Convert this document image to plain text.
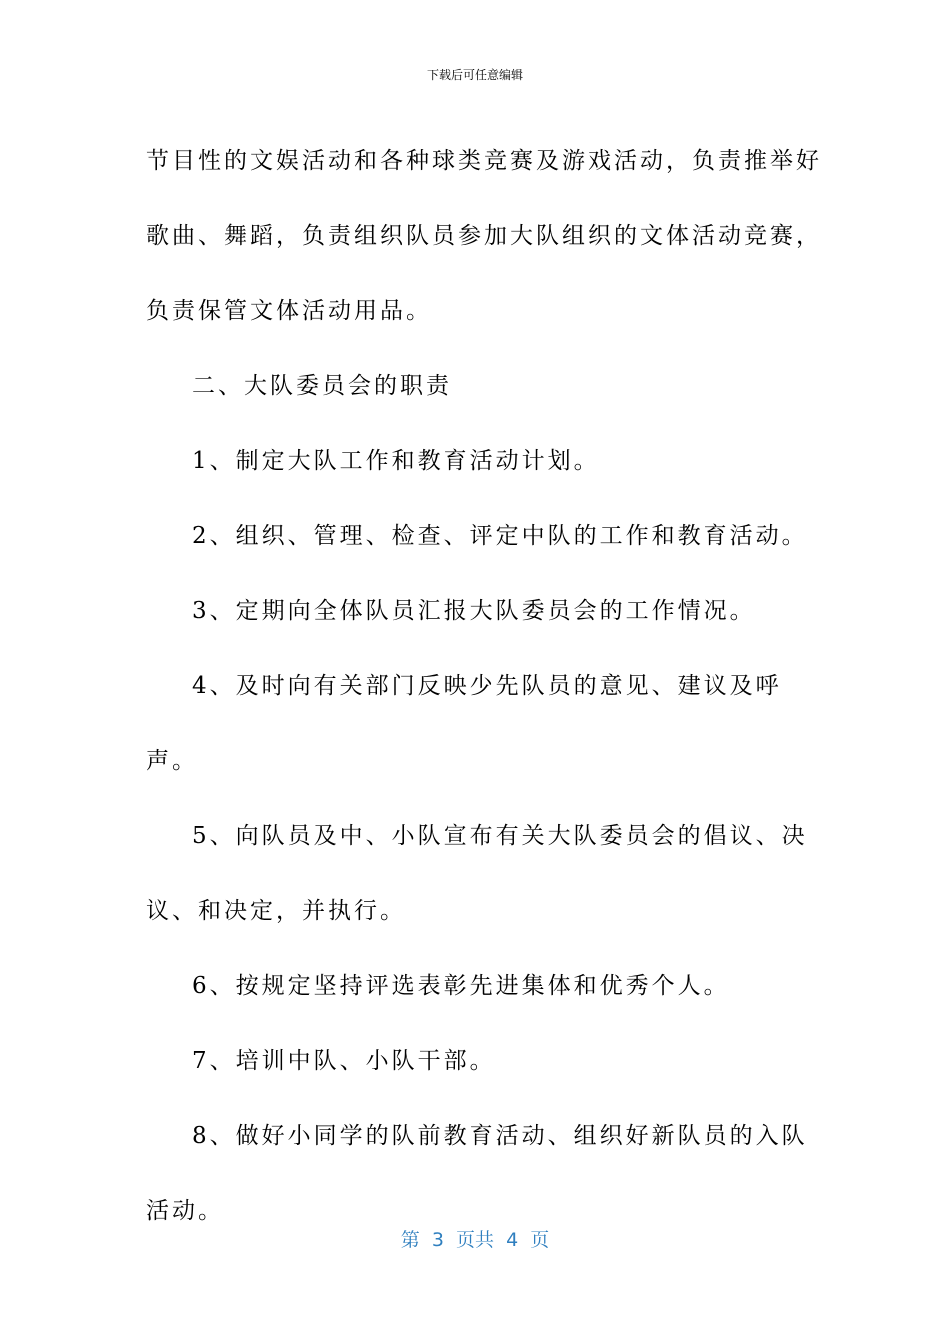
下载后可任意编辑

节目性的文娱活动和各种球类竞赛及游戏活动，负责推举好歌曲、舞蹈，负责组织队员参加大队组织的文体活动竞赛，负责保管文体活动用品。

二、大队委员会的职责

1、制定大队工作和教育活动计划。

2、组织、管理、检查、评定中队的工作和教育活动。

3、定期向全体队员汇报大队委员会的工作情况。

4、及时向有关部门反映少先队员的意见、建议及呼声。

5、向队员及中、小队宣布有关大队委员会的倡议、决议、和决定，并执行。

6、按规定坚持评选表彰先进集体和优秀个人。

7、培训中队、小队干部。

8、做好小同学的队前教育活动、组织好新队员的入队活动。

第  3  页共  4  页
